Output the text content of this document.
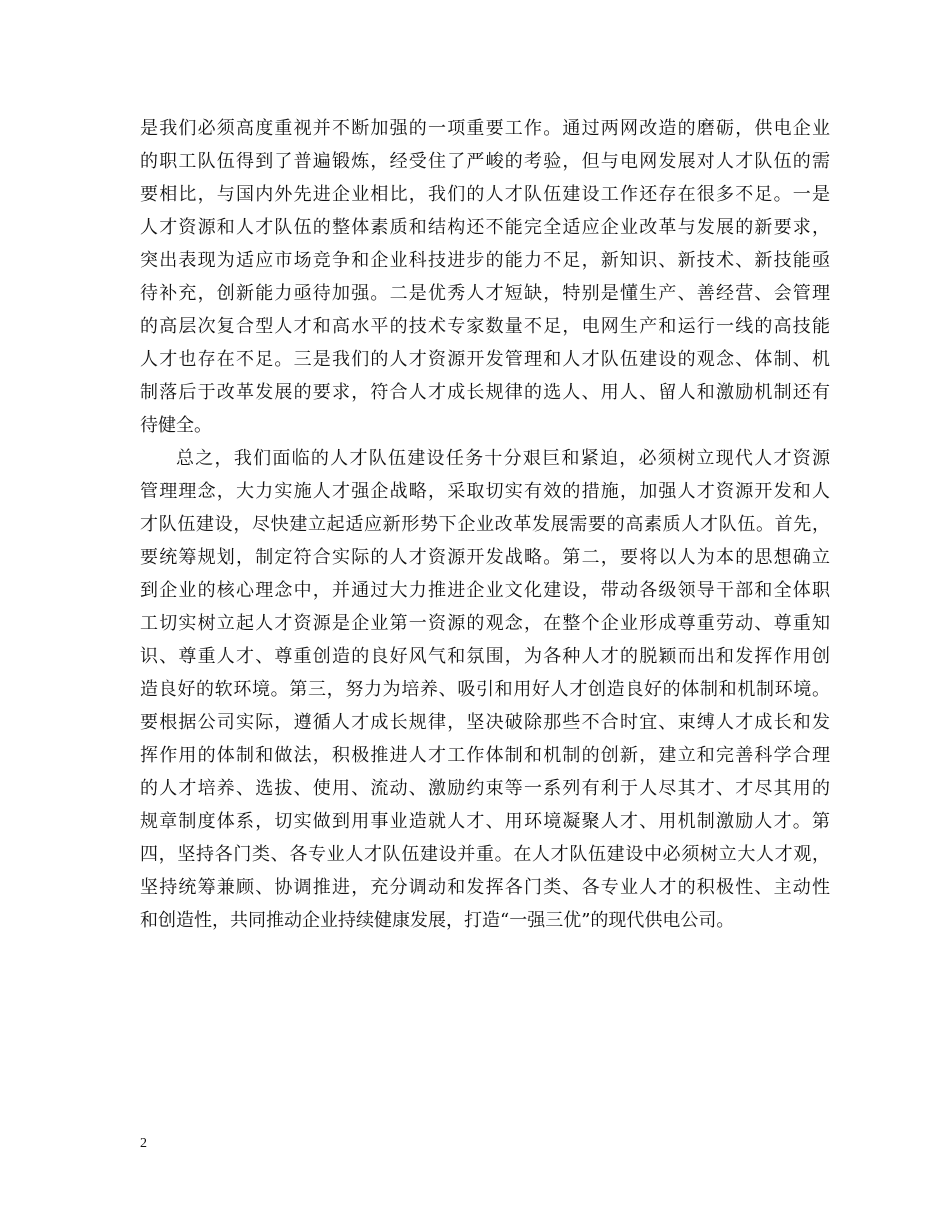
是我们必须高度重视并不断加强的一项重要工作。通过两网改造的磨砺，供电企业
的职工队伍得到了普遍锻炼，经受住了严峻的考验，但与电网发展对人才队伍的需
要相比，与国内外先进企业相比，我们的人才队伍建设工作还存在很多不足。一是
人才资源和人才队伍的整体素质和结构还不能完全适应企业改革与发展的新要求，
突出表现为适应市场竞争和企业科技进步的能力不足，新知识、新技术、新技能亟
待补充，创新能力亟待加强。二是优秀人才短缺，特别是懂生产、善经营、会管理
的高层次复合型人才和高水平的技术专家数量不足，电网生产和运行一线的高技能
人才也存在不足。三是我们的人才资源开发管理和人才队伍建设的观念、体制、机
制落后于改革发展的要求，符合人才成长规律的选人、用人、留人和激励机制还有
待健全。
总之，我们面临的人才队伍建设任务十分艰巨和紧迫，必须树立现代人才资源
管理理念，大力实施人才强企战略，采取切实有效的措施，加强人才资源开发和人
才队伍建设，尽快建立起适应新形势下企业改革发展需要的高素质人才队伍。首先，
要统筹规划，制定符合实际的人才资源开发战略。第二，要将以人为本的思想确立
到企业的核心理念中，并通过大力推进企业文化建设，带动各级领导干部和全体职
工切实树立起人才资源是企业第一资源的观念，在整个企业形成尊重劳动、尊重知
识、尊重人才、尊重创造的良好风气和氛围，为各种人才的脱颖而出和发挥作用创
造良好的软环境。第三，努力为培养、吸引和用好人才创造良好的体制和机制环境。
要根据公司实际，遵循人才成长规律，坚决破除那些不合时宜、束缚人才成长和发
挥作用的体制和做法，积极推进人才工作体制和机制的创新，建立和完善科学合理
的人才培养、选拔、使用、流动、激励约束等一系列有利于人尽其才、才尽其用的
规章制度体系，切实做到用事业造就人才、用环境凝聚人才、用机制激励人才。第
四，坚持各门类、各专业人才队伍建设并重。在人才队伍建设中必须树立大人才观，
坚持统筹兼顾、协调推进，充分调动和发挥各门类、各专业人才的积极性、主动性
和创造性，共同推动企业持续健康发展，打造“一强三优”的现代供电公司。
2
